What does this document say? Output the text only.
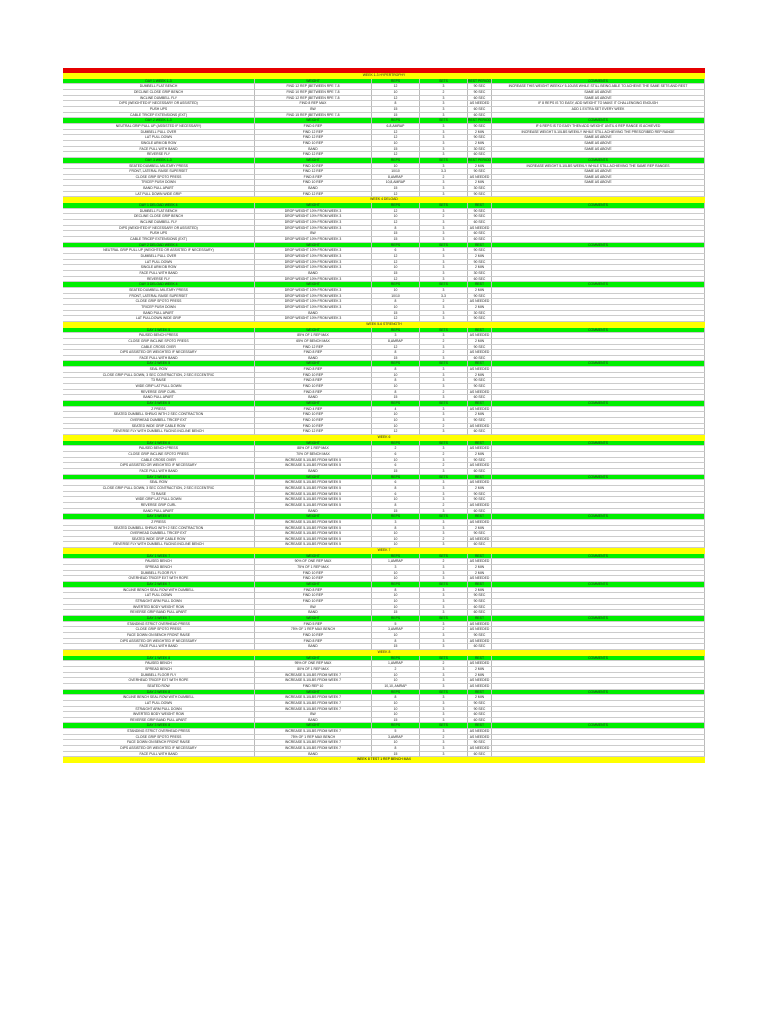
WEEK 1-3 HYPERTROPHY
DAY 1 WEEK 1-3	WEIGHT	REPS	SETS	REST PERIOD	COMMENTS
DUMBELL FLAT BENCH	FIND 12 REP (BETWEEN RPE 7-8	12	3	90 SEC	INCREASE THIS WEIGHT WEEKLY 5-10LBS WHILE STILL BEING ABLE TO ACHEIVE THE SAME SETS AND REST
DECLINE CLOSE GRIP BENCH	FIND 10 REP (BETWEEN RPE 7-8	10	2	90 SEC	SAME AS ABOVE
INCLINE DUMBELL FLY	FIND 12 REP (BETWEEN RPE 7-8	12	3	60 SEC	SAME AS ABOVE
DIPS (WEIGHTED IF NECESSARY OR ASSISTED)	FIND 8 REP MAX	8	3	AS NEEDED	IF 8 REPS IS TO EASY, ADD WEIGHT TO MAKE IT CHALLENGING ENOUGH
PUSH UPS	BW	15	3	60 SEC	ADD 1 EXTRA SET EVERY WEEK
CABLE TRICEP EXTENSIONS (EXT)	FIND 15 REP (BETWEEN RPE 7-8	15	3	60 SEC
DAY 2 WEEK 1-3	WEIGHT	REPS	SETS	REST PERIOD	COMMENTS
NEUTRAL GRIP PULL UP (ASSISTED IF NECESSARY)	FIND 6 REP	6-8,AMRAP	3	90 SEC	IF 6 REPS IS TO EASY THEN ADD WEIGHT UNTIL 6 REP RANGE IS ACHIEVED
DUMBELL PULL OVER	FIND 12 REP	12	3	2 MIN	INCREASE WEIGHT 5-10LBS WEEKLY WHILE STILL ACHIEVING THE PRESCRIBED REP RANGE
LAT PULL DOWN	FIND 12 REP	12	3	90 SEC	SAME AS ABOVE
SINGLE ARM DB ROW	FIND 10 REP	10	3	2 MIN	SAME AS ABOVE
FACE PULL WITH BAND	BAND	15	3	30 SEC	SAME AS ABOVE
REVERSE FLY	FIND 12 REP	12	3	60 SEC
DAY 3 WEEK 1-3	WEIGHT	REPS	SETS	REST PERIOD	COMMENTS
SEATED DUMBELL MILITARY PRESS	FIND 10 REP	10	3	2 MIN	INCREASE WEIGHT 5-10LBS WEEKLY WHILE STILL ACHIEVING THE SAME REP RANGES
FRONT, LATERAL RAISE SUPERSET	FIND 12 REP	10/10	3-3	90 SEC	SAME AS ABOVE
CLOSE GRIP SPOTO PRESS	FIND 8 REP	8,AMRAP	2	AS NEEDED	SAME AS ABOVE
TRICEP PUSH DOWN	FIND 10 REP	10,8,AMRAP	3	2 MIN	SAME AS ABOVE
BAND PULL APART	BAND	15	3	30 SEC
LAT PULL DOWN WIDE GRIP	FIND 12 REP	12	3	90 SEC
WEEK 4 DELOAD
DAY 1 DELOAD WEEK 4	WEIGHT	REPS	SETS	REST	COMMENTS
DUMBELL FLAT BENCH	DROP WEIGHT 10% FROM WEEK 3	12	3	90 SEC
DECLINE CLOSE GRIP BENCH	DROP WEIGHT 10% FROM WEEK 3	10	2	90 SEC
INCLINE DUMBELL FLY	DROP WEIGHT 10% FROM WEEK 3	12	3	60 SEC
DIPS (WEIGHTED IF NECESSARY OR ASSISTED)	DROP WEIGHT 10% FROM WEEK 3	8	3	AS NEEDED
PUSH UPS	BW	15	3	60 SEC
CABLE TRICEP EXTENSIONS (EXT)	DROP WEIGHT 10% FROM WEEK 3	15	3	60 SEC
DAY 2 DELOAD WEEK 4	WEIGHT	REPS	SETS	REST	COMMENTS
NEUTRAL GRIP PULL UP (WEIGHTED OR ASSISTED IF NECESSARY)	DROP WEIGHT 10% FROM WEEK 3	6	3	90 SEC
DUMBELL PULL OVER	DROP WEIGHT 10% FROM WEEK 3	12	3	2 MIN
LAT PULL DOWN	DROP WEIGHT 10% FROM WEEK 3	12	3	90 SEC
SINGLE ARM DB ROW	DROP WEIGHT 10% FROM WEEK 3	10	3	2 MIN
FACE PULL WITH BAND	BAND	15	3	30 SEC
REVERSE FLY	DROP WEIGHT 10% FROM WEEK 3	12	3	60 SEC
DAY 3 DELOAD WEEK 4	WEIGHT	REPS	SETS	REST	COMMENTS
SEATED DUMBELL MILITARY PRESS	DROP WEIGHT 10% FROM WEEK 3	10	3	2 MIN
FRONT, LATERAL RAISE SUPERSET	DROP WEIGHT 10% FROM WEEK 3	10/10	3-3	90 SEC
CLOSE GRIP SPOTO PRESS	DROP WEIGHT 10% FROM WEEK 3	8	2	AS NEEDED
TRICEP PUSH DOWN	DROP WEIGHT 10% FROM WEEK 3	10	3	2 MIN
BAND PULL APART	BAND	15	3	30 SEC
LAT PULLDOWN WIDE GRIP	DROP WEIGHT 10% FROM WEEK 3	12	3	90 SEC
WEEK 5-6 STRENGTH
DAY 1 WEEK 5	WEIGHT	REPS	SETS	REST	COMMENTS
PAUSED BENCH PRESS	85% OF 1 REP MAX	3	3	AS NEEDED
CLOSE GRIP INCLINE SPOTO PRESS	65% OF BENCH MAX	8,AMRAP	2	2 MIN
CABLE CROSS OVER	FIND 12 REP	12	3	90 SEC
DIPS ASSISTED OR WEIGHTED IF NECESSARY	FIND 8 REP	8	2	AS NEEDED
FACE PULL WITH BAND	BAND	15	3	60 SEC
DAY 2 WEEK 5	WEIGHT	REPS	SETS	REST	COMMENTS
SEAL ROW	FIND 8 REP	8	3	AS NEEDED
CLOSE GRIP PULL DOWN, 3 SEC CONTRACTION, 2 SEC ECCENTRIC	FIND 10 REP	10	3	2 MIN
T3 RAISE	FIND 8 REP	8	3	90 SEC
WIDE GRIP LAT PULL DOWN	FIND 10 REP	10	3	90 SEC
REVERSE GRIP CURL	FIND 8 REP	8	2	AS NEEDED
BAND PULL APART	BAND	15	3	60 SEC
DAY 3 WEEK 5	WEIGHT	REPS	SETS	REST	COMMENTS
Z PRESS	FIND 4 REP	4	3	AS NEEDED
SEATED DUMBELL SHRUG WITH 2 SEC CONTRACTION	FIND 10 REP	10	3	2 MIN
OVERHEAD DUMBELL TRICEP EXT	FIND 10 REP	10	3	90 SEC
SEATED WIDE GRIP CABLE ROW	FIND 10 REP	10	2	AS NEEDED
REVERSE FLY WITH DUMBELL FACING INCLINE BENCH	FIND 12 REP	12	3	60 SEC
WEEK 6
DAY 1 WEEK 6	WEIGHT	REPS	SETS	REST	COMMENTS
PAUSED BENCH PRESS	88% OF 1 REP MAX	2	3	AS NEEDED
CLOSE GRIP INCLINE SPOTO PRESS	70% OF BENCH MAX	6	2	2 MIN
CABLE CROSS OVER	INCREASE 5-10LBS FROM WEEK 5	10	3	90 SEC
DIPS ASSISTED OR WEIGHTED IF NECESSARY	INCREASE 5-10LBS FROM WEEK 5	6	2	AS NEEDED
FACE PULL WITH BAND	BAND	15	3	60 SEC
DAY 2 WEEK 6	WEIGHT	REPS	SETS	REST	COMMENTS
SEAL ROW	INCREASE 5-10LBS FROM WEEK 5	6	3	AS NEEDED
CLOSE GRIP PULL DOWN, 3 SEC CONTRACTION, 2 SEC ECCENTRIC	INCREASE 5-10LBS FROM WEEK 5	8	3	2 MIN
T3 RAISE	INCREASE 5-10LBS FROM WEEK 5	6	3	90 SEC
WIDE GRIP LAT PULL DOWN	INCREASE 5-10LBS FROM WEEK 5	10	3	90 SEC
REVERSE GRIP CURL	INCREASE 5-10LBS FROM WEEK 5	8	2	AS NEEDED
BAND PULL APART	BAND	15	3	60 SEC
DAY 3 WEEK 6	WEIGHT	REPS	SETS	REST	COMMENTS
Z PRESS	INCREASE 5-10LBS FROM WEEK 5	3	3	AS NEEDED
SEATED DUMBELL SHRUG WITH 2 SEC CONTRACTION	INCREASE 5-10LBS FROM WEEK 5	8	3	2 MIN
OVERHEAD DUMBELL TRICEP EXT	INCREASE 5-10LBS FROM WEEK 5	10	3	90 SEC
SEATED WIDE GRIP CABLE ROW	INCREASE 5-10LBS FROM WEEK 5	10	2	AS NEEDED
REVERSE FLY WITH DUMBELL FACING INCLINE BENCH	INCREASE 5-10LBS FROM WEEK 5	10	3	60 SEC
WEEK 7
DAY 1 WEEK 7	WEIGHT	REPS	SETS	REST	COMMENTS
PAUSED BENCH	90% OF ONE REP MAX	1,AMRAP	2	AS NEEDED
SPREAD BENCH	75% OF 1 REP MAX	3	3	2 MIN
DUMBELL FLOOR FLY	FIND 10 REP	10	3	2 MIN
OVERHEAD TRICEP EXT WITH ROPE	FIND 10 REP	10	3	AS NEEDED
DAY 2 WEEK 7	WEIGHT	REPS	SETS	REST	COMMENTS
INCLINE BENCH SEAL ROW WITH DUMBELL	FIND 8 REP	8	3	2 MIN
LAT PULL DOWN	FIND 10 REP	10	3	90 SEC
STRAIGHT ARM PULL DOWN	FIND 10 REP	10	3	90 SEC
INVERTED BODY WEIGHT ROW	BW	10	3	60 SEC
REVERSE GRIP BAND PULL APART	BAND	15	3	60 SEC
DAY 3 WEEK 7	WEIGHT	REPS	SETS	REST	COMMENTS
STANDING STRICT OVERHEAD PRESS	FIND 5 REP	5	3	AS NEEDED
CLOSE GRIP SPOTO PRESS	75% OF 1 REP MAX BENCH	3,AMRAP	2	AS NEEDED
FACE DOWN ON BENCH FRONT RAISE	FIND 10 REP	10	3	90 SEC
DIPS ASSISTED OR WEIGHTED IF NECESSARY	FIND 8 REP	8	3	AS NEEDED
FACE PULL WITH BAND	BAND	15	3	60 SEC
WEEK 8
DAY 1 WEEK 8	WEIGHT	REPS	SETS	REST	COMMENTS
PAUSED BENCH	95% OF ONE REP MAX	1,AMRAP	2	AS NEEDED
SPREAD BENCH	80% OF 1 REP MAX	2	3	2 MIN
DUMBELL FLOOR FLY	INCREASE 5-10LBS FROM WEEK 7	10	3	2 MIN
OVERHEAD TRICEP EXT WITH ROPE	INCREASE 5-10LBS FROM WEEK 7	10	3	AS NEEDED
SEATED ROW	FIND REP 10	10,10, AMRAP	3	AS NEEDED
DAY 2 WEEK 8	WEIGHT	REPS	SETS	REST	COMMENTS
INCLINE BENCH SEAL ROW WITH DUMBELL	INCREASE 5-10LBS FROM WEEK 7	8	3	2 MIN
LAT PULL DOWN	INCREASE 5-10LBS FROM WEEK 7	10	3	90 SEC
STRAIGHT ARM PULL DOWN	INCREASE 5-10LBS FROM WEEK 7	10	3	90 SEC
INVERTED BODY WEIGHT ROW	BW	10	3	60 SEC
REVERSE GRIP BAND PULL APART	BAND	15	3	60 SEC
DAY 3 WEEK 8	WEIGHT	REPS	SETS	REST	COMMENTS
STANDING STRICT OVERHEAD PRESS	INCREASE 5-10LBS FROM WEEK 7	5	3	AS NEEDED
CLOSE GRIP SPOTO PRESS	75% OF 1 REP MAX BENCH	3,AMRAP	2	AS NEEDED
FACE DOWN ON BENCH FRONT RAISE	INCREASE 5-10LBS FROM WEEK 7	10	3	90 SEC
DIPS ASSISTED OR WEIGHTED IF NECESSARY	INCREASE 5-10LBS FROM WEEK 7	8	3	AS NEEDED
FACE PULL WITH BAND	BAND	15	3	60 SEC
WEEK 8 TEST 1 REP BENCH MAX
